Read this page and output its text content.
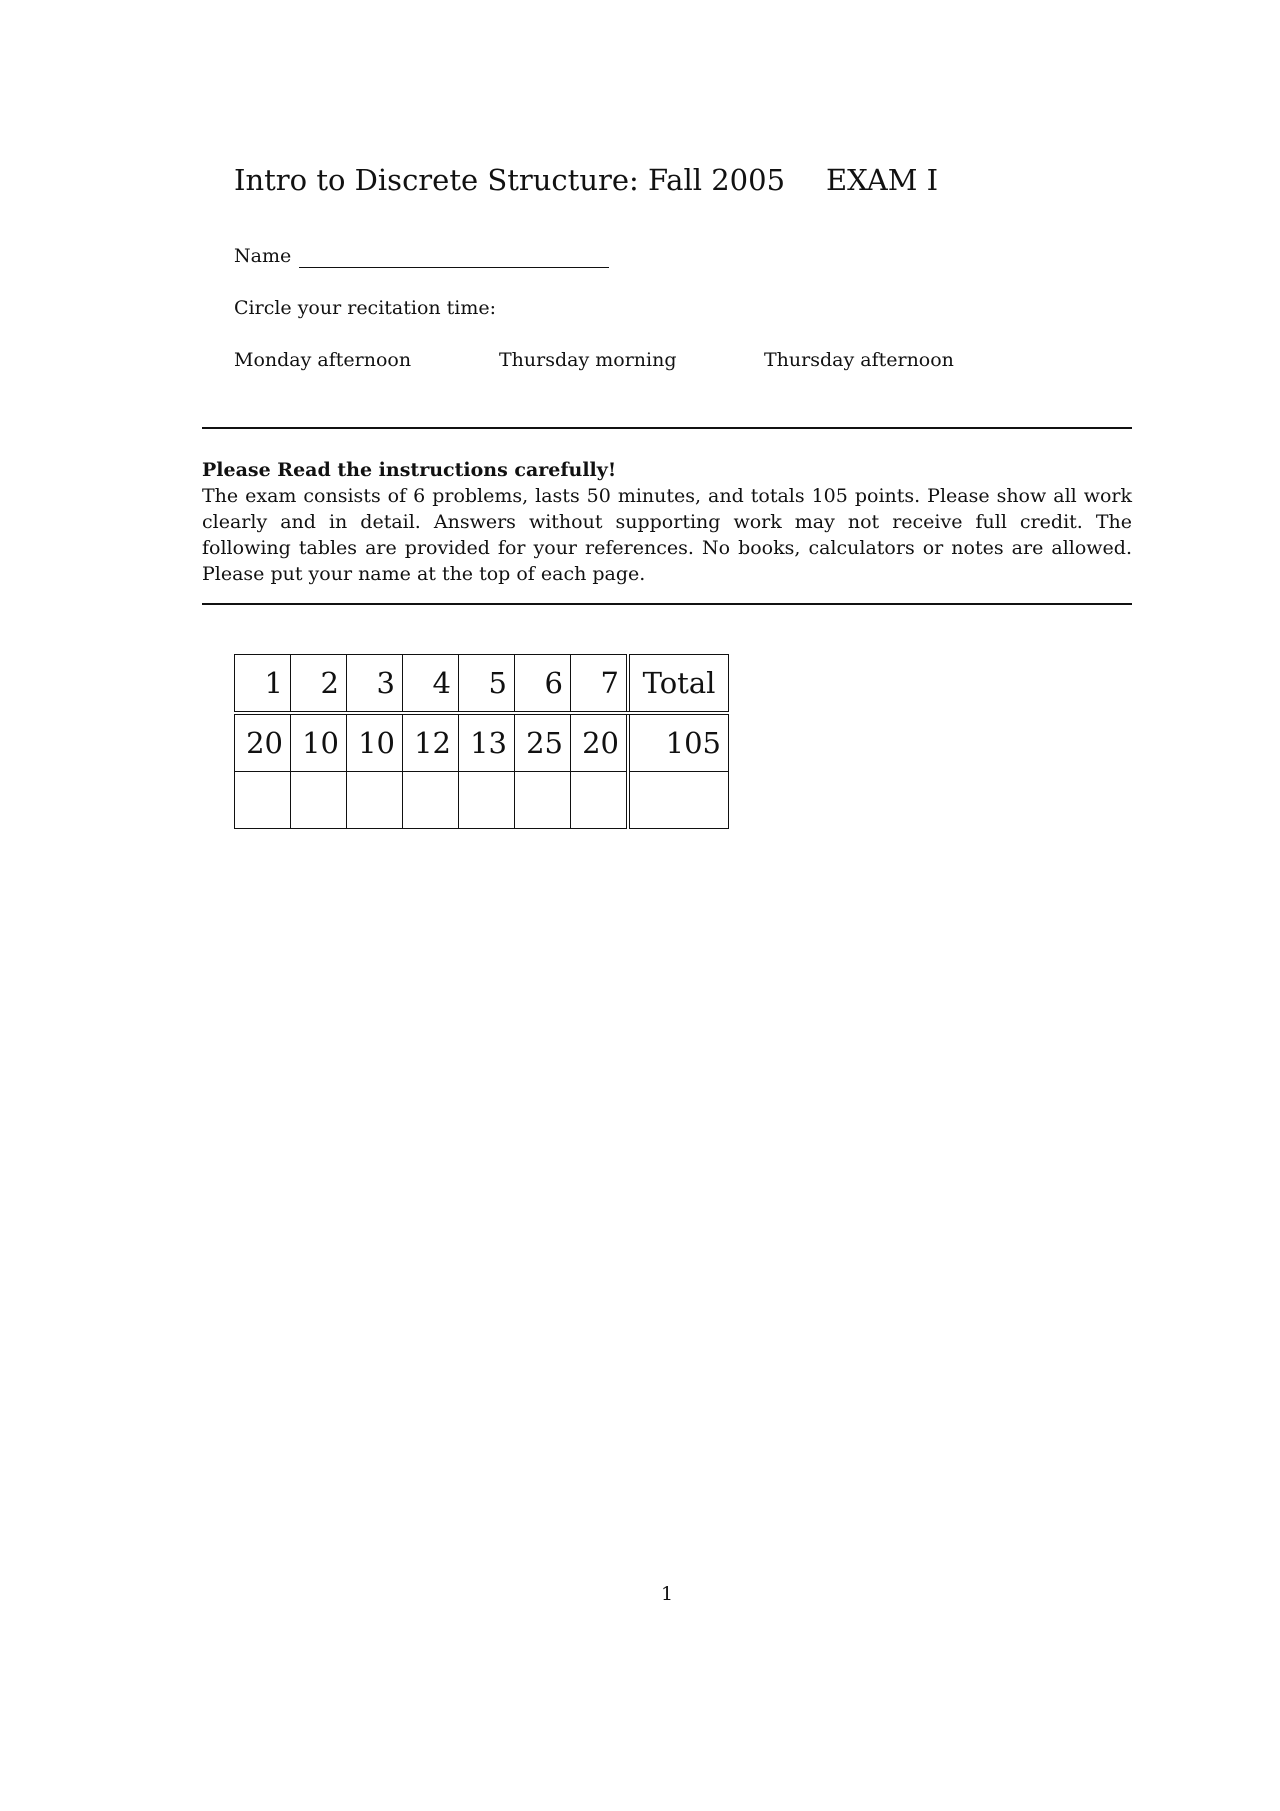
Intro to Discrete Structure: Fall 2005 EXAM I
Name
Circle your recitation time:
Monday afternoon	Thursday morning	Thursday afternoon
Please Read the instructions carefully!
The exam consists of 6 problems, lasts 50 minutes, and totals 105 points. Please show all work clearly and in detail. Answers without supporting work may not receive full credit. The following tables are provided for your references. No books, calculators or notes are allowed. Please put your name at the top of each page.
1	2	3	4	5	6	7	Total
20	10	10	12	13	25	20	105

1
